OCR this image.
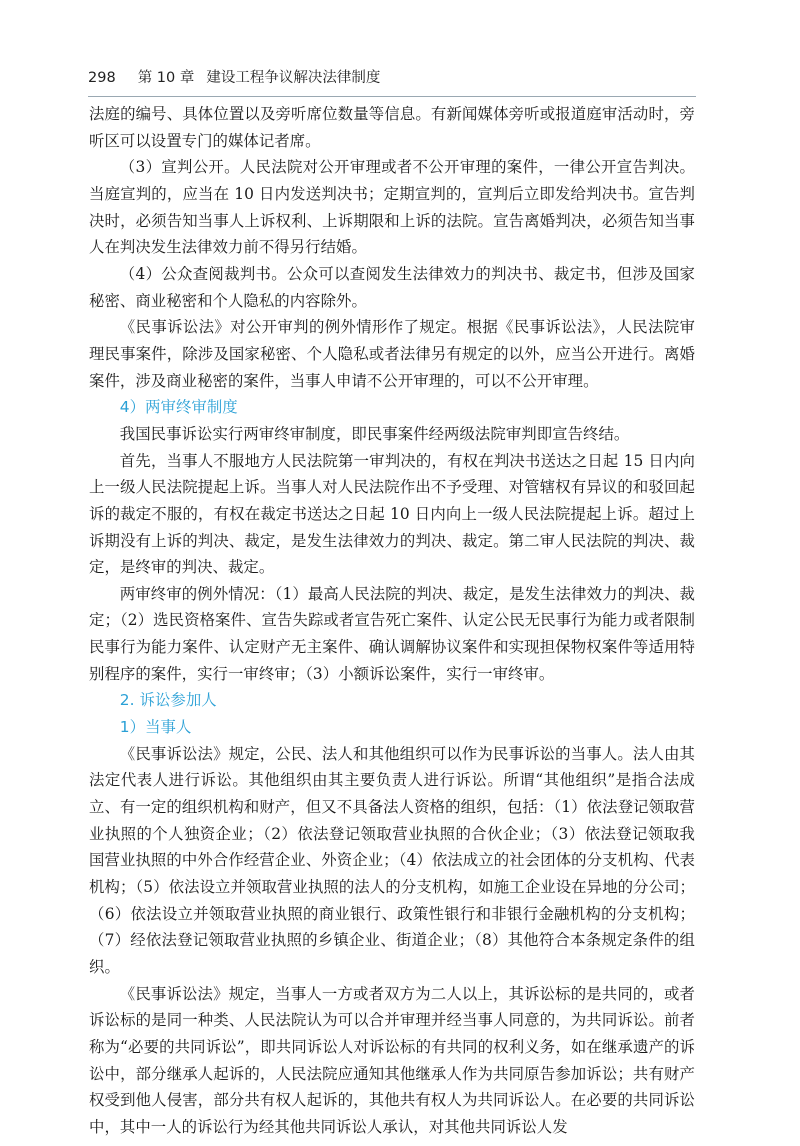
298 第 10 章 建设工程争议解决法律制度

法庭的编号、具体位置以及旁听席位数量等信息。有新闻媒体旁听或报道庭审活动时，旁听区可以设置专门的媒体记者席。

（3）宣判公开。人民法院对公开审理或者不公开审理的案件，一律公开宣告判决。当庭宣判的，应当在 10 日内发送判决书；定期宣判的，宣判后立即发给判决书。宣告判决时，必须告知当事人上诉权利、上诉期限和上诉的法院。宣告离婚判决，必须告知当事人在判决发生法律效力前不得另行结婚。

（4）公众查阅裁判书。公众可以查阅发生法律效力的判决书、裁定书，但涉及国家秘密、商业秘密和个人隐私的内容除外。

《民事诉讼法》对公开审判的例外情形作了规定。根据《民事诉讼法》，人民法院审理民事案件，除涉及国家秘密、个人隐私或者法律另有规定的以外，应当公开进行。离婚案件，涉及商业秘密的案件，当事人申请不公开审理的，可以不公开审理。

4）两审终审制度

我国民事诉讼实行两审终审制度，即民事案件经两级法院审判即宣告终结。

首先，当事人不服地方人民法院第一审判决的，有权在判决书送达之日起 15 日内向上一级人民法院提起上诉。当事人对人民法院作出不予受理、对管辖权有异议的和驳回起诉的裁定不服的，有权在裁定书送达之日起 10 日内向上一级人民法院提起上诉。超过上诉期没有上诉的判决、裁定，是发生法律效力的判决、裁定。第二审人民法院的判决、裁定，是终审的判决、裁定。

两审终审的例外情况：（1）最高人民法院的判决、裁定，是发生法律效力的判决、裁定；（2）选民资格案件、宣告失踪或者宣告死亡案件、认定公民无民事行为能力或者限制民事行为能力案件、认定财产无主案件、确认调解协议案件和实现担保物权案件等适用特别程序的案件，实行一审终审；（3）小额诉讼案件，实行一审终审。

2. 诉讼参加人
1）当事人

《民事诉讼法》规定，公民、法人和其他组织可以作为民事诉讼的当事人。法人由其法定代表人进行诉讼。其他组织由其主要负责人进行诉讼。所谓“其他组织”是指合法成立、有一定的组织机构和财产，但又不具备法人资格的组织，包括：（1）依法登记领取营业执照的个人独资企业；（2）依法登记领取营业执照的合伙企业；（3）依法登记领取我国营业执照的中外合作经营企业、外资企业；（4）依法成立的社会团体的分支机构、代表机构；（5）依法设立并领取营业执照的法人的分支机构，如施工企业设在异地的分公司；（6）依法设立并领取营业执照的商业银行、政策性银行和非银行金融机构的分支机构；（7）经依法登记领取营业执照的乡镇企业、街道企业；（8）其他符合本条规定条件的组织。

《民事诉讼法》规定，当事人一方或者双方为二人以上，其诉讼标的是共同的，或者诉讼标的是同一种类、人民法院认为可以合并审理并经当事人同意的，为共同诉讼。前者称为“必要的共同诉讼”，即共同诉讼人对诉讼标的有共同的权利义务，如在继承遗产的诉讼中，部分继承人起诉的，人民法院应通知其他继承人作为共同原告参加诉讼；共有财产权受到他人侵害，部分共有权人起诉的，其他共有权人为共同诉讼人。在必要的共同诉讼中，其中一人的诉讼行为经其他共同诉讼人承认，对其他共同诉讼人发
